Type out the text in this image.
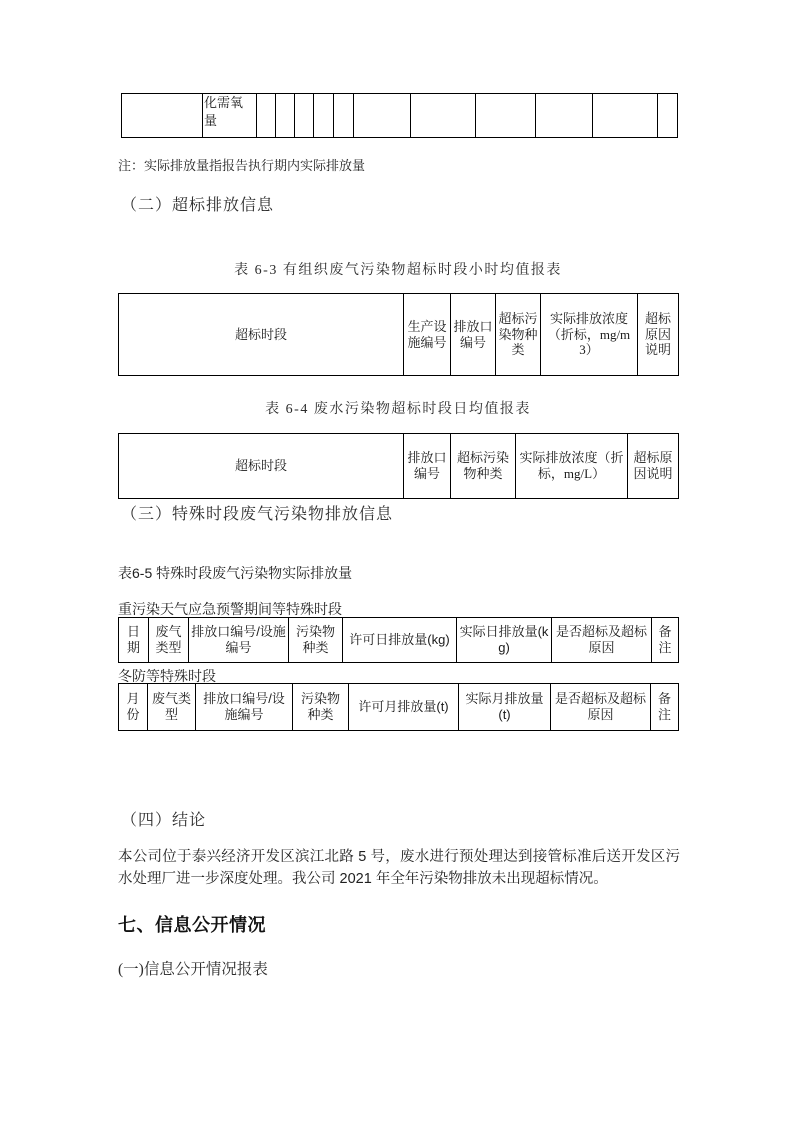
	化需氧量											
注：实际排放量指报告执行期内实际排放量
（二）超标排放信息
表 6-3 有组织废气污染物超标时段小时均值报表
超标时段	生产设施编号	排放口编号	超标污染物种类	实际排放浓度（折标，mg/m3）	超标原因说明
表 6-4 废水污染物超标时段日均值报表
超标时段	排放口编号	超标污染物种类	实际排放浓度（折标，mg/L）	超标原因说明
（三）特殊时段废气污染物排放信息
表6-5 特殊时段废气污染物实际排放量
重污染天气应急预警期间等特殊时段
日期	废气类型	排放口编号/设施编号	污染物种类	许可日排放量(kg)	实际日排放量(kg)	是否超标及超标原因	备注
冬防等特殊时段
月份	废气类型	排放口编号/设施编号	污染物种类	许可月排放量(t)	实际月排放量(t)	是否超标及超标原因	备注
（四）结论
本公司位于泰兴经济开发区滨江北路 5 号，废水进行预处理达到接管标准后送开发区污水处理厂进一步深度处理。我公司 2021 年全年污染物排放未出现超标情况。
七、信息公开情况
(一)信息公开情况报表
